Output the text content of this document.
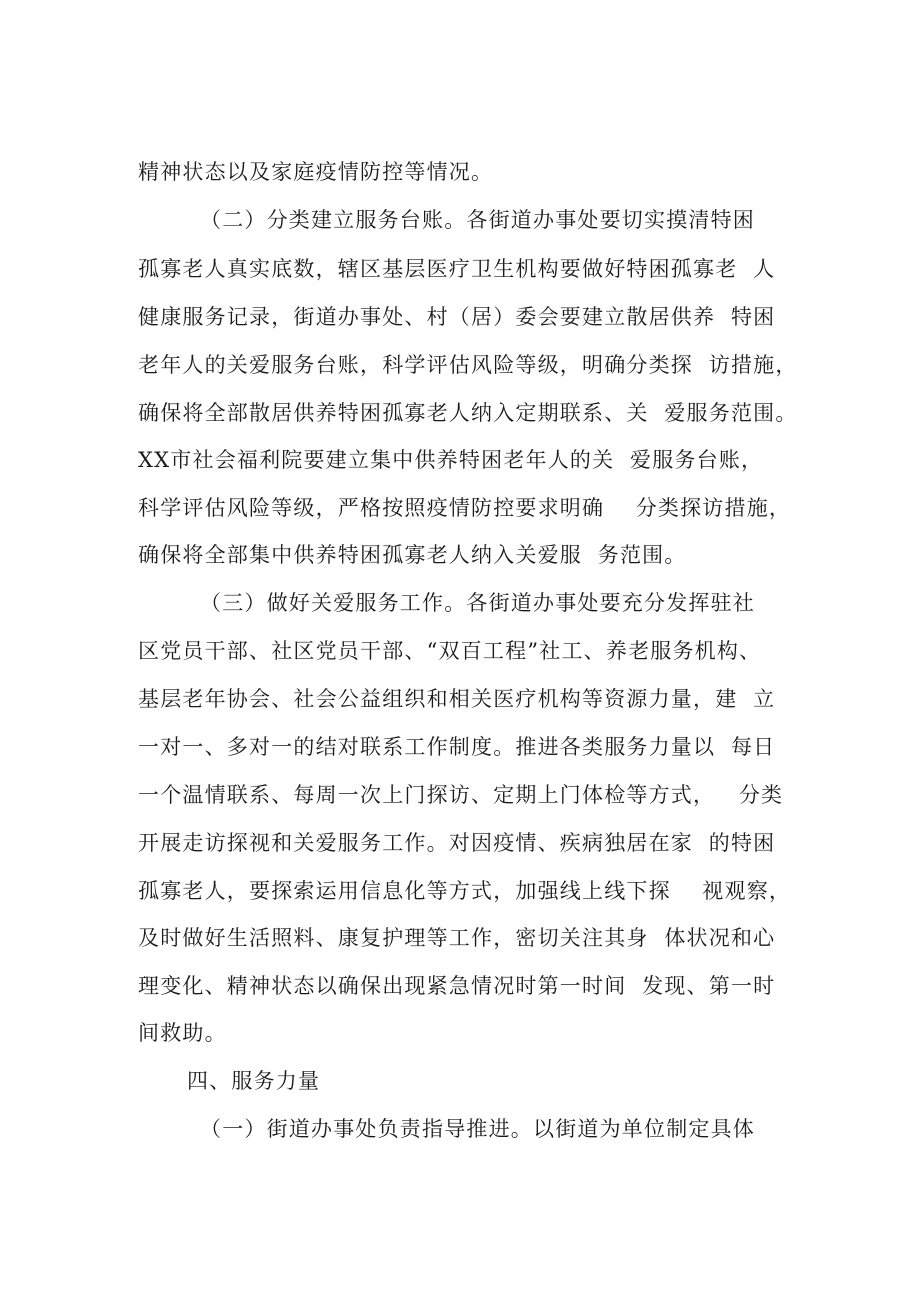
精神状态以及家庭疫情防控等情况。
（二）分类建立服务台账。各街道办事处要切实摸清特困
孤寡老人真实底数，辖区基层医疗卫生机构要做好特困孤寡老  人
健康服务记录，街道办事处、村（居）委会要建立散居供养  特困
老年人的关爱服务台账，科学评估风险等级，明确分类探  访措施，
确保将全部散居供养特困孤寡老人纳入定期联系、关  爱服务范围。
XX市社会福利院要建立集中供养特困老年人的关  爱服务台账，
科学评估风险等级，严格按照疫情防控要求明确    分类探访措施，
确保将全部集中供养特困孤寡老人纳入关爱服  务范围。
（三）做好关爱服务工作。各街道办事处要充分发挥驻社
区党员干部、社区党员干部、“双百工程”社工、养老服务机构、
基层老年协会、社会公益组织和相关医疗机构等资源力量，建  立
一对一、多对一的结对联系工作制度。推进各类服务力量以  每日
一个温情联系、每周一次上门探访、定期上门体检等方式，   分类
开展走访探视和关爱服务工作。对因疫情、疾病独居在家  的特困
孤寡老人，要探索运用信息化等方式，加强线上线下探    视观察，
及时做好生活照料、康复护理等工作，密切关注其身  体状况和心
理变化、精神状态以确保出现紧急情况时第一时间  发现、第一时
间救助。
四、服务力量
（一）街道办事处负责指导推进。以街道为单位制定具体
